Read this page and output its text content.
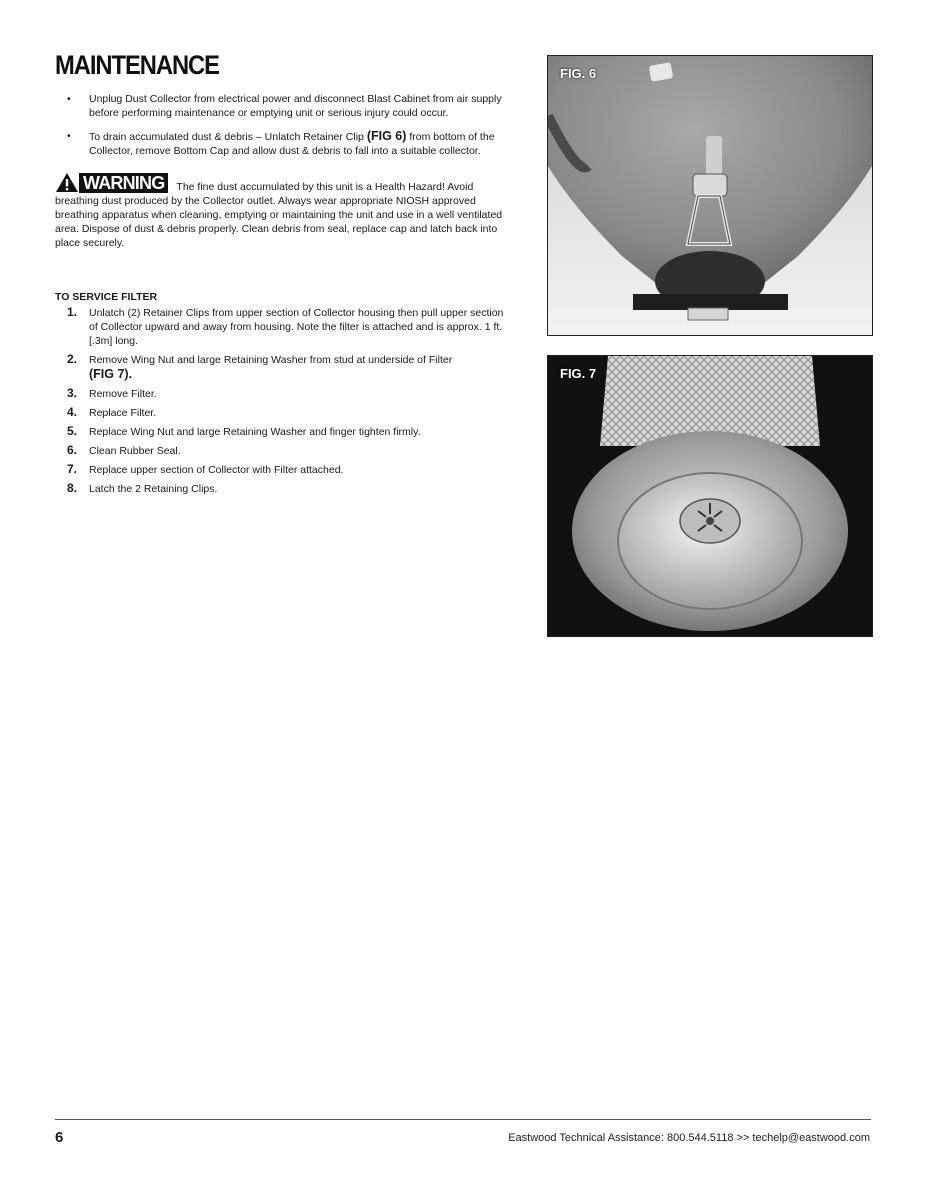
MAINTENANCE
• Unplug Dust Collector from electrical power and disconnect Blast Cabinet from air supply before performing maintenance or emptying unit or serious injury could occur.
• To drain accumulated dust & debris – Unlatch Retainer Clip (FIG 6) from bottom of the Collector, remove Bottom Cap and allow dust & debris to fall into a suitable collector.
WARNING	The fine dust accumulated by this unit is a Health Hazard! Avoid breathing dust produced by the Collector outlet. Always wear appropriate NIOSH approved breathing apparatus when cleaning, emptying or maintaining the unit and use in a well ventilated area. Dispose of dust & debris properly. Clean debris from seal, replace cap and latch back into place securely.
TO SERVICE FILTER
1. Unlatch (2) Retainer Clips from upper section of Collector housing then pull upper section of Collector upward and away from housing. Note the filter is attached and is approx. 1 ft. [.3m] long.
2. Remove Wing Nut and large Retaining Washer from stud at underside of Filter
(FIG 7).
3. Remove Filter.
4. Replace Filter.
5. Replace Wing Nut and large Retaining Washer and finger tighten firmly.
6. Clean Rubber Seal.
7. Replace upper section of Collector with Filter attached.
8. Latch the 2 Retaining Clips.
FIG. 6
FIG. 7
6	Eastwood Technical Assistance: 800.544.5118 >> techelp@eastwood.com
